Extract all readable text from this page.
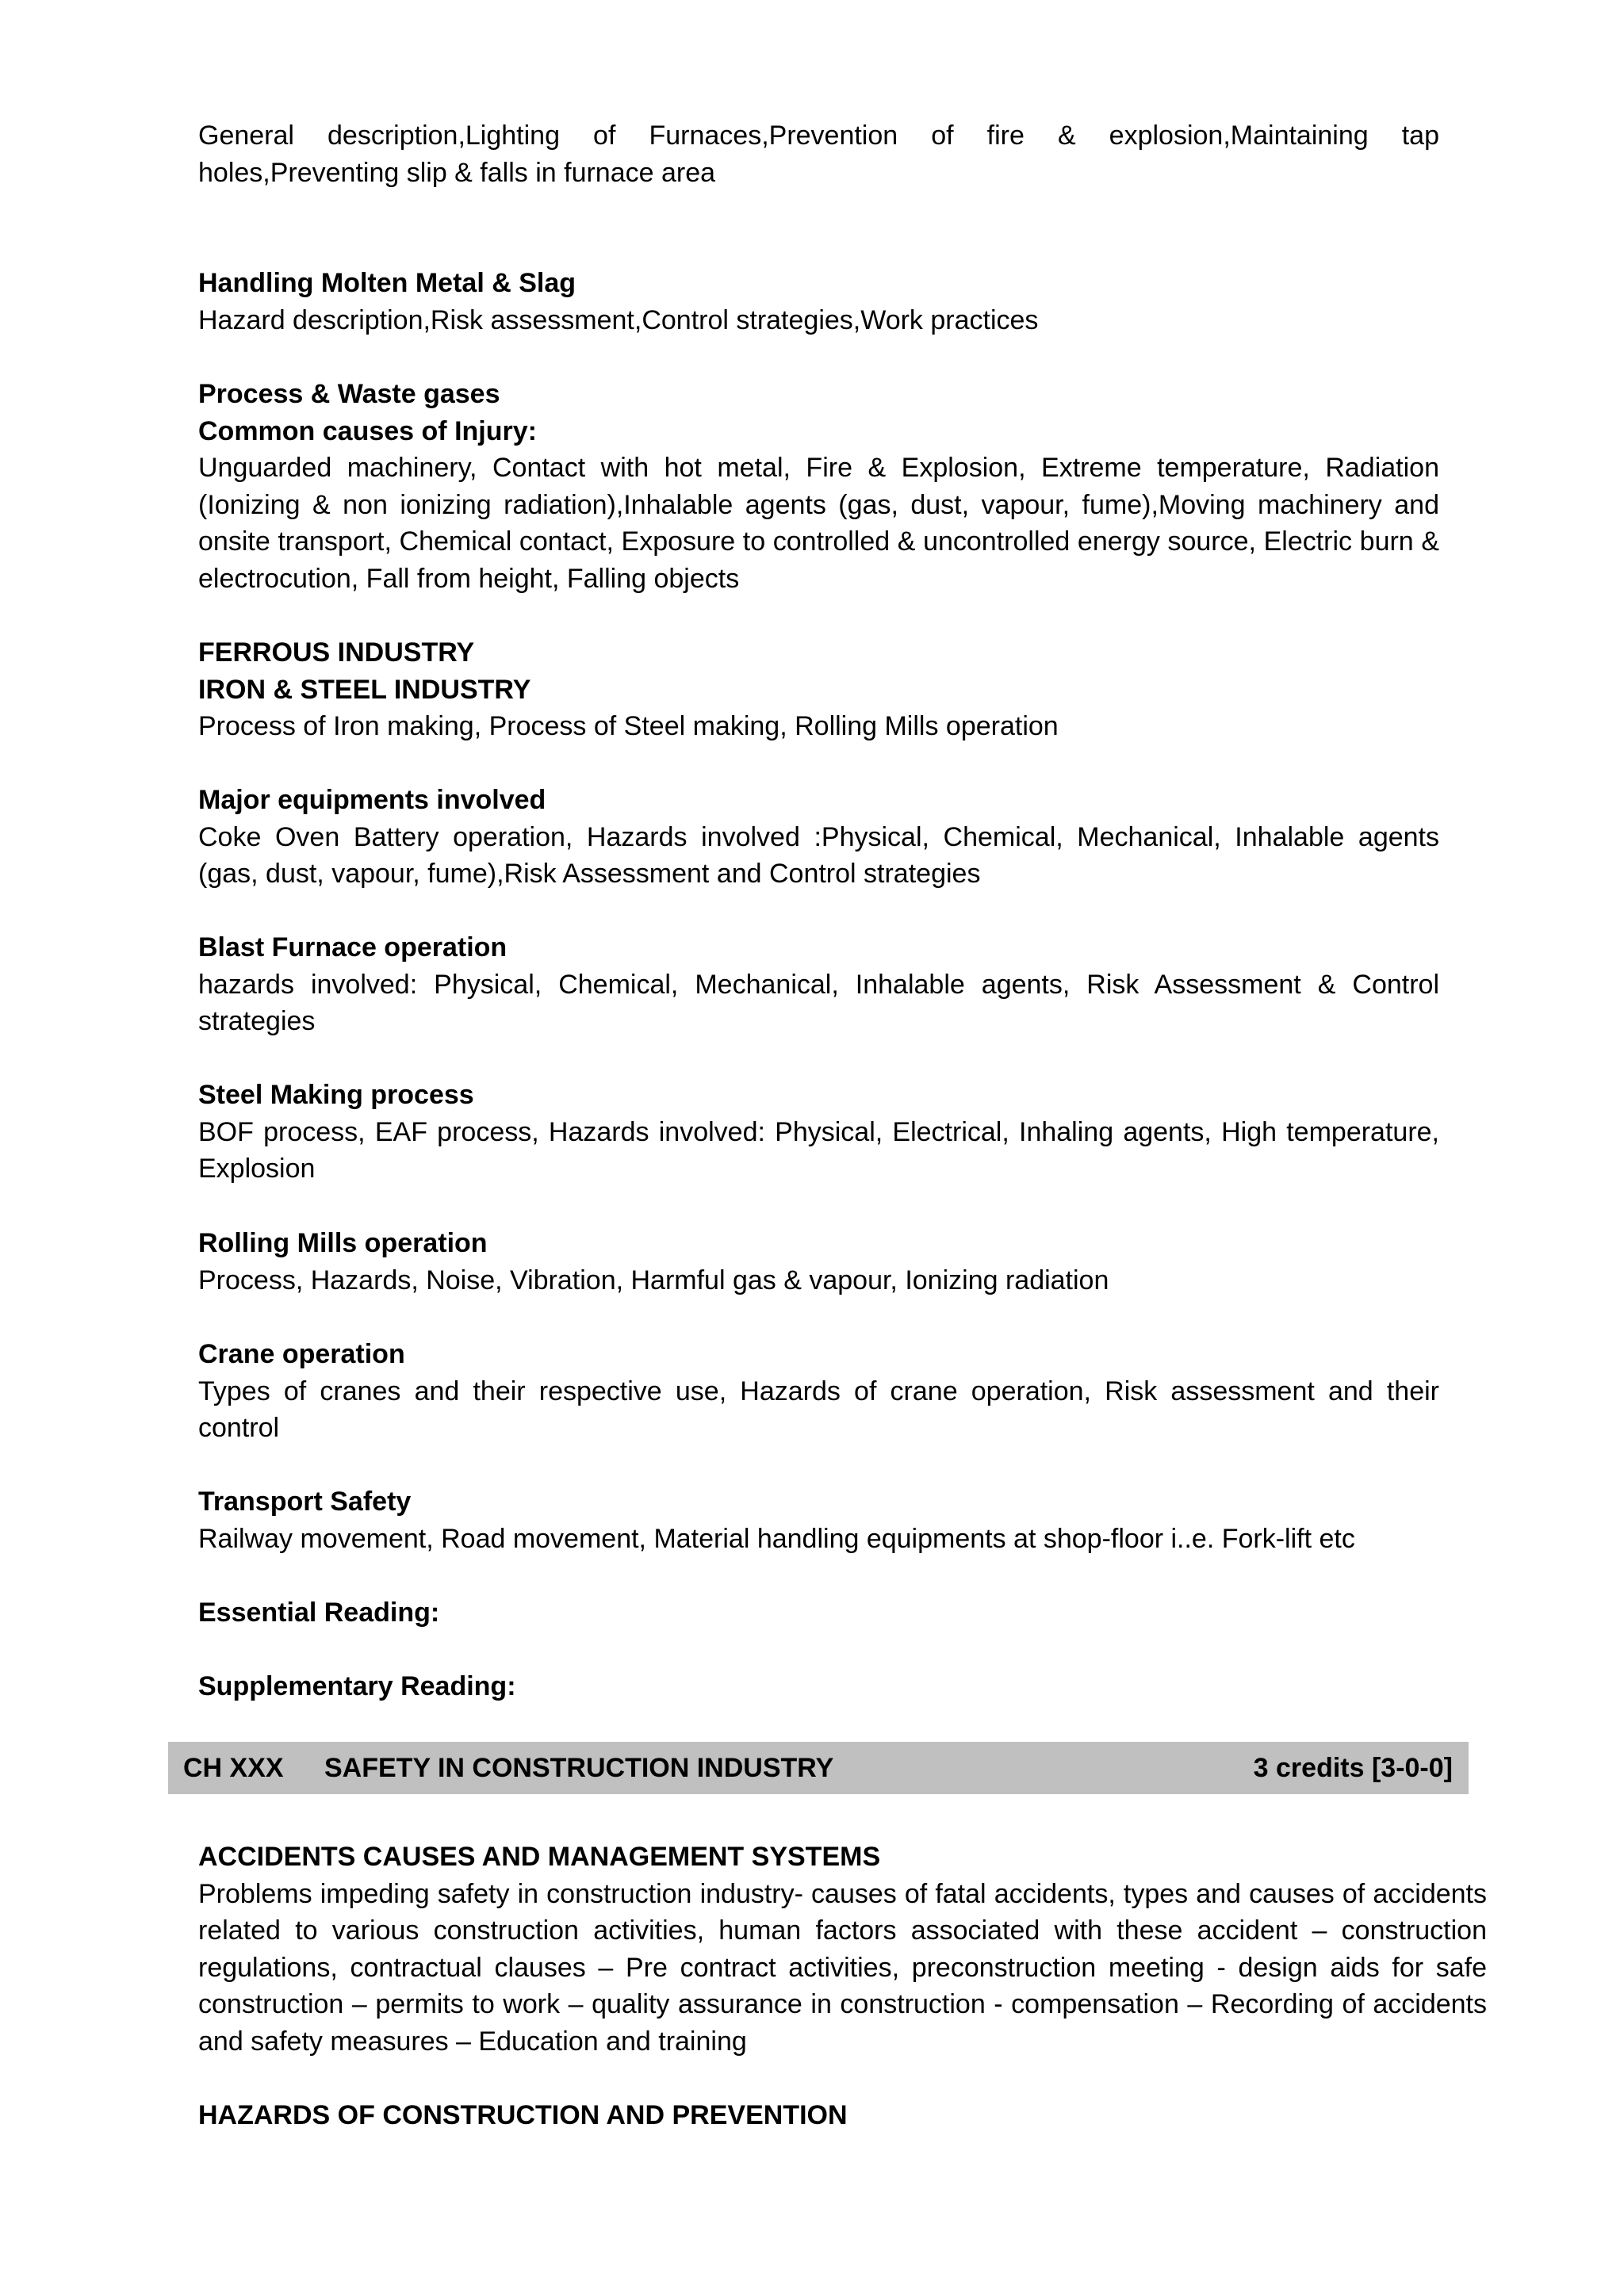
General description,Lighting of Furnaces,Prevention of fire & explosion,Maintaining tap holes,Preventing slip & falls in furnace area

Handling Molten Metal & Slag

Hazard description,Risk assessment,Control strategies,Work practices

Process & Waste gases

Common causes of Injury:

Unguarded machinery, Contact with hot metal, Fire & Explosion, Extreme temperature, Radiation (Ionizing & non ionizing radiation),Inhalable agents (gas, dust, vapour, fume),Moving machinery and onsite transport, Chemical contact, Exposure to controlled & uncontrolled energy source, Electric burn & electrocution, Fall from height, Falling objects

FERROUS INDUSTRY

IRON & STEEL INDUSTRY

Process of Iron making, Process of Steel making, Rolling Mills operation

Major equipments involved

Coke Oven Battery operation, Hazards involved :Physical, Chemical, Mechanical, Inhalable agents (gas, dust, vapour, fume),Risk Assessment and Control strategies

Blast Furnace operation

hazards involved: Physical, Chemical, Mechanical, Inhalable agents, Risk Assessment & Control strategies

Steel Making process

BOF process, EAF process, Hazards involved: Physical, Electrical, Inhaling agents, High temperature, Explosion

Rolling Mills operation

Process, Hazards, Noise, Vibration, Harmful gas & vapour, Ionizing radiation

Crane operation

Types of cranes and their respective use, Hazards of crane operation, Risk assessment and their control

Transport Safety

Railway movement, Road movement, Material handling equipments at shop-floor i..e. Fork-lift etc

Essential Reading:

Supplementary Reading:

CH XXX SAFETY IN CONSTRUCTION INDUSTRY	3 credits [3-0-0]

ACCIDENTS CAUSES AND MANAGEMENT SYSTEMS

Problems impeding safety in construction industry- causes of fatal accidents, types and causes of accidents related to various construction activities, human factors associated with these accident – construction regulations, contractual clauses – Pre contract activities, preconstruction meeting - design aids for safe construction – permits to work – quality assurance in construction - compensation – Recording of accidents and safety measures – Education and training

HAZARDS OF CONSTRUCTION AND PREVENTION
